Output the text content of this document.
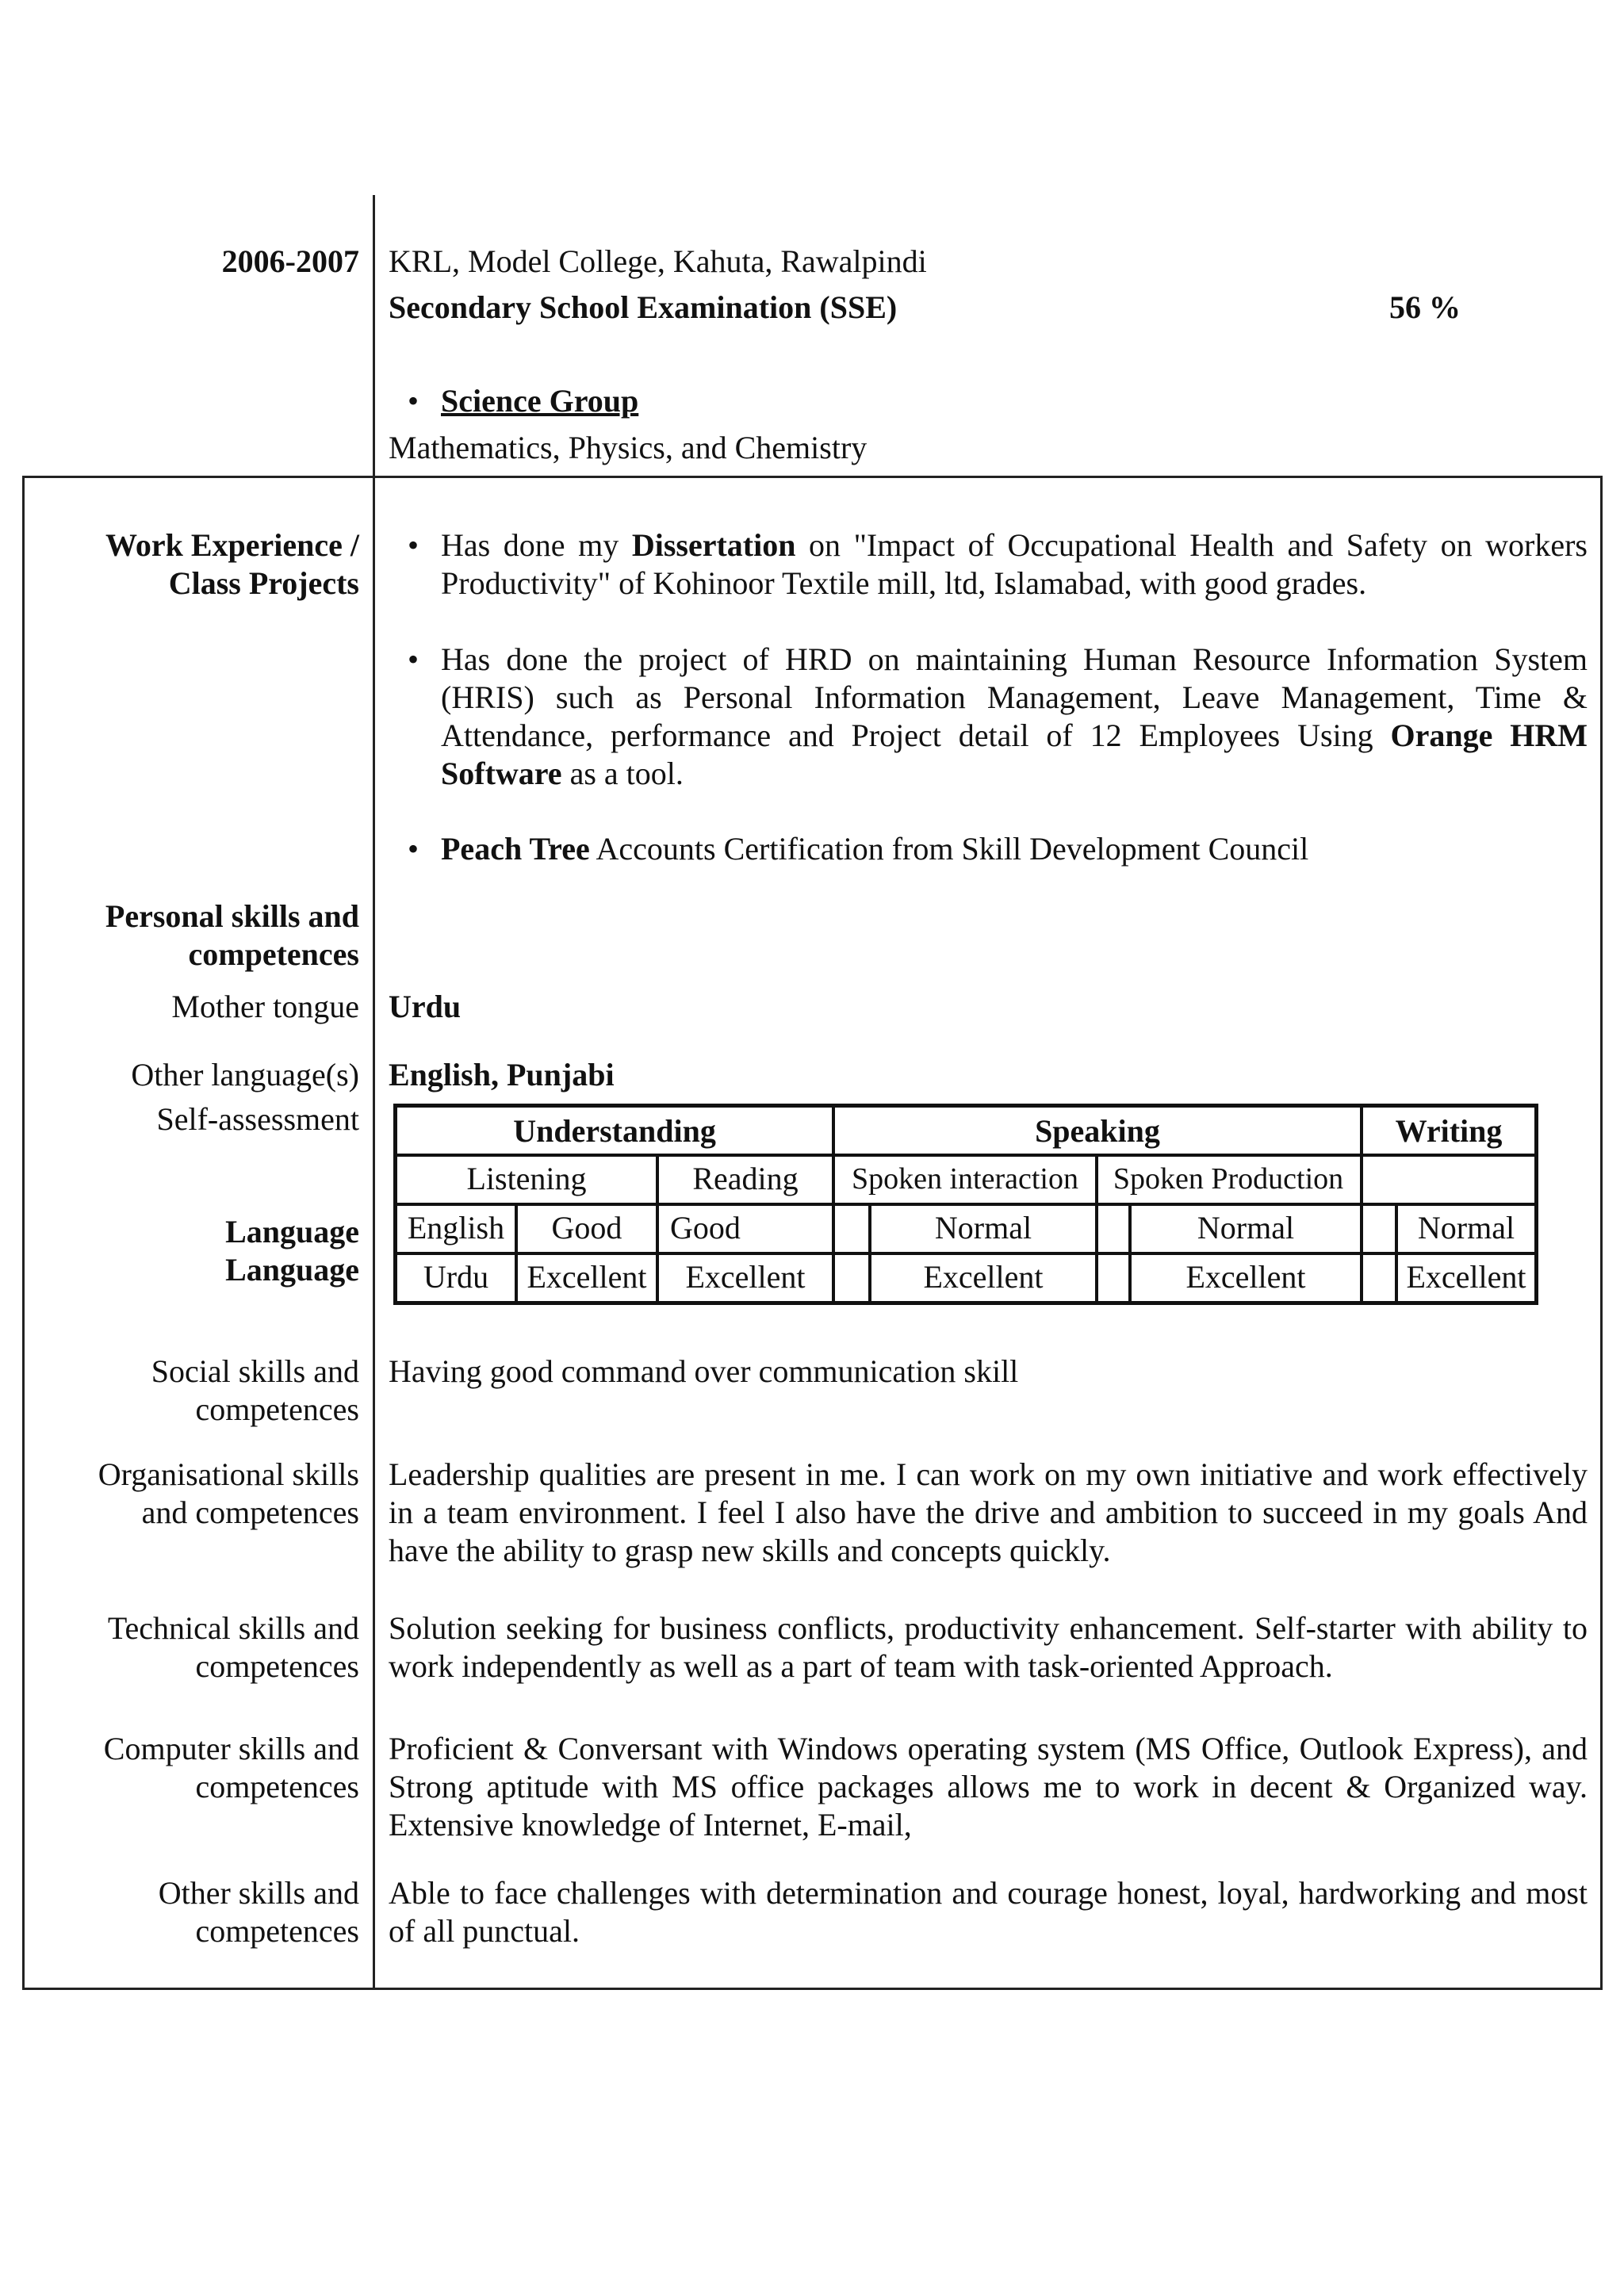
2006-2007 KRL, Model College, Kahuta, Rawalpindi
Secondary School Examination (SSE)	56 %
• Science Group
Mathematics, Physics, and Chemistry
Work Experience /
Class Projects
• Has done my Dissertation on "Impact of Occupational Health and Safety on workers Productivity" of Kohinoor Textile mill, ltd, Islamabad, with good grades.
• Has done the project of HRD on maintaining Human Resource Information System (HRIS) such as Personal Information Management, Leave Management, Time & Attendance, performance and Project detail of 12 Employees Using Orange HRM Software as a tool.
• Peach Tree Accounts Certification from Skill Development Council
Personal skills and
competences
Mother tongue Urdu
Other language(s) English, Punjabi
Self-assessment
Language
Language
Understanding	Speaking	Writing
Listening	Reading	Spoken interaction	Spoken Production
English	Good	Good	Normal	Normal	Normal
Urdu	Excellent	Excellent	Excellent	Excellent	Excellent
Social skills and
competences
Having good command over communication skill
Organisational skills
and competences
Leadership qualities are present in me. I can work on my own initiative and work effectively in a team environment. I feel I also have the drive and ambition to succeed in my goals And have the ability to grasp new skills and concepts quickly.
Technical skills and
competences
Solution seeking for business conflicts, productivity enhancement. Self-starter with ability to work independently as well as a part of team with task-oriented Approach.
Computer skills and
competences
Proficient & Conversant with Windows operating system (MS Office, Outlook Express), and Strong aptitude with MS office packages allows me to work in decent & Organized way. Extensive knowledge of Internet, E-mail,
Other skills and
competences
Able to face challenges with determination and courage honest, loyal, hardworking and most of all punctual.
